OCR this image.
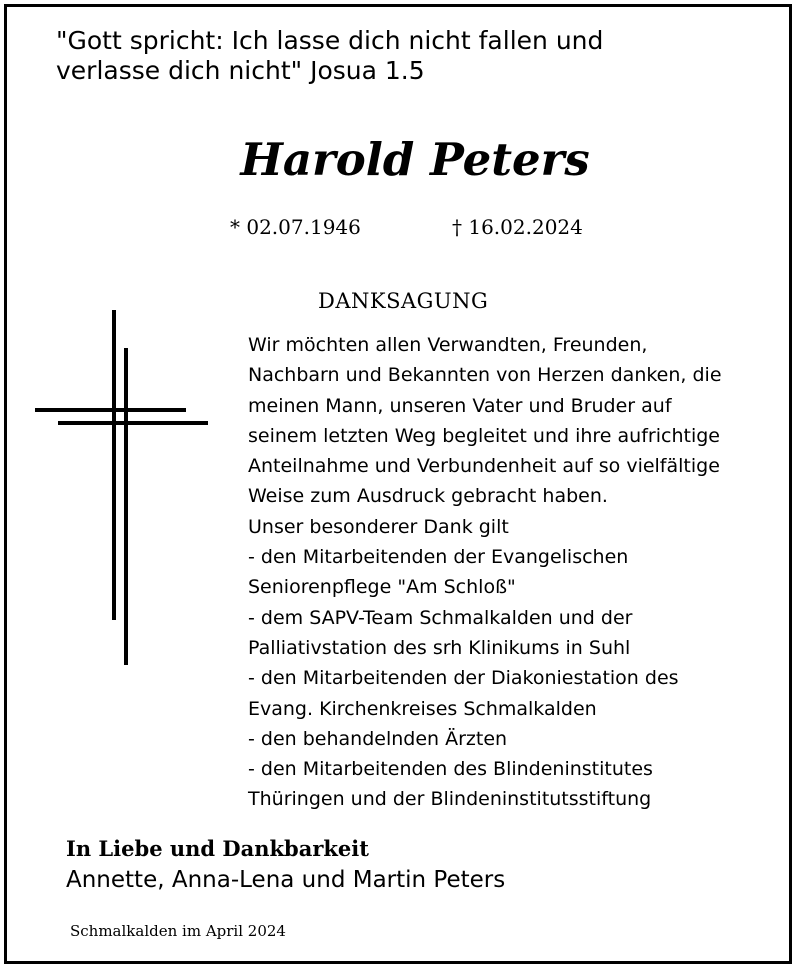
"Gott spricht: Ich lasse dich nicht fallen und
verlasse dich nicht" Josua 1.5
Harold Peters
* 02.07.1946	† 16.02.2024
DANKSAGUNG
Wir möchten allen Verwandten, Freunden,
Nachbarn und Bekannten von Herzen danken, die
meinen Mann, unseren Vater und Bruder auf
seinem letzten Weg begleitet und ihre aufrichtige
Anteilnahme und Verbundenheit auf so vielfältige
Weise zum Ausdruck gebracht haben.
Unser besonderer Dank gilt
- den Mitarbeitenden der Evangelischen
Seniorenpflege "Am Schloß"
- dem SAPV-Team Schmalkalden und der
Palliativstation des srh Klinikums in Suhl
- den Mitarbeitenden der Diakoniestation des
Evang. Kirchenkreises Schmalkalden
- den behandelnden Ärzten
- den Mitarbeitenden des Blindeninstitutes
Thüringen und der Blindeninstitutsstiftung
In Liebe und Dankbarkeit
Annette, Anna-Lena und Martin Peters
Schmalkalden im April 2024
